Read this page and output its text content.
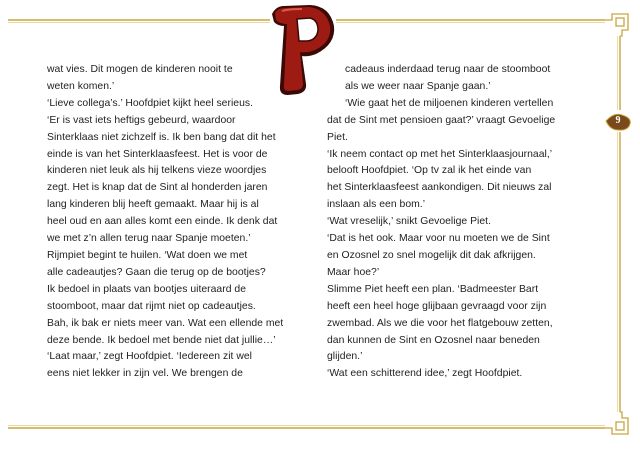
9
wat vies. Dit mogen de kinderen nooit te
weten komen.’
‘Lieve collega’s.’ Hoofdpiet kijkt heel serieus.
‘Er is vast iets heftigs gebeurd, waardoor
Sinterklaas niet zichzelf is. Ik ben bang dat dit het
einde is van het Sinterklaasfeest. Het is voor de
kinderen niet leuk als hij telkens vieze woordjes
zegt. Het is knap dat de Sint al honderden jaren
lang kinderen blij heeft gemaakt. Maar hij is al
heel oud en aan alles komt een einde. Ik denk dat
we met z’n allen terug naar Spanje moeten.’
Rijmpiet begint te huilen. ‘Wat doen we met
alle cadeautjes? Gaan die terug op de bootjes?
Ik bedoel in plaats van bootjes uiteraard de
stoomboot, maar dat rijmt niet op cadeautjes.
Bah, ik bak er niets meer van. Wat een ellende met
deze bende. Ik bedoel met bende niet dat jullie…’
‘Laat maar,’ zegt Hoofdpiet. ‘Iedereen zit wel
eens niet lekker in zijn vel. We brengen de
cadeaus inderdaad terug naar de stoomboot
als we weer naar Spanje gaan.’
‘Wie gaat het de miljoenen kinderen vertellen
dat de Sint met pensioen gaat?’ vraagt Gevoelige
Piet.
‘Ik neem contact op met het Sinterklaasjournaal,’
belooft Hoofdpiet. ‘Op tv zal ik het einde van
het Sinterklaasfeest aankondigen. Dit nieuws zal
inslaan als een bom.’
‘Wat vreselijk,’ snikt Gevoelige Piet.
‘Dat is het ook. Maar voor nu moeten we de Sint
en Ozosnel zo snel mogelijk dit dak afkrijgen.
Maar hoe?’
Slimme Piet heeft een plan. ‘Badmeester Bart
heeft een heel hoge glijbaan gevraagd voor zijn
zwembad. Als we die voor het flatgebouw zetten,
dan kunnen de Sint en Ozosnel naar beneden
glijden.’
‘Wat een schitterend idee,’ zegt Hoofdpiet.
